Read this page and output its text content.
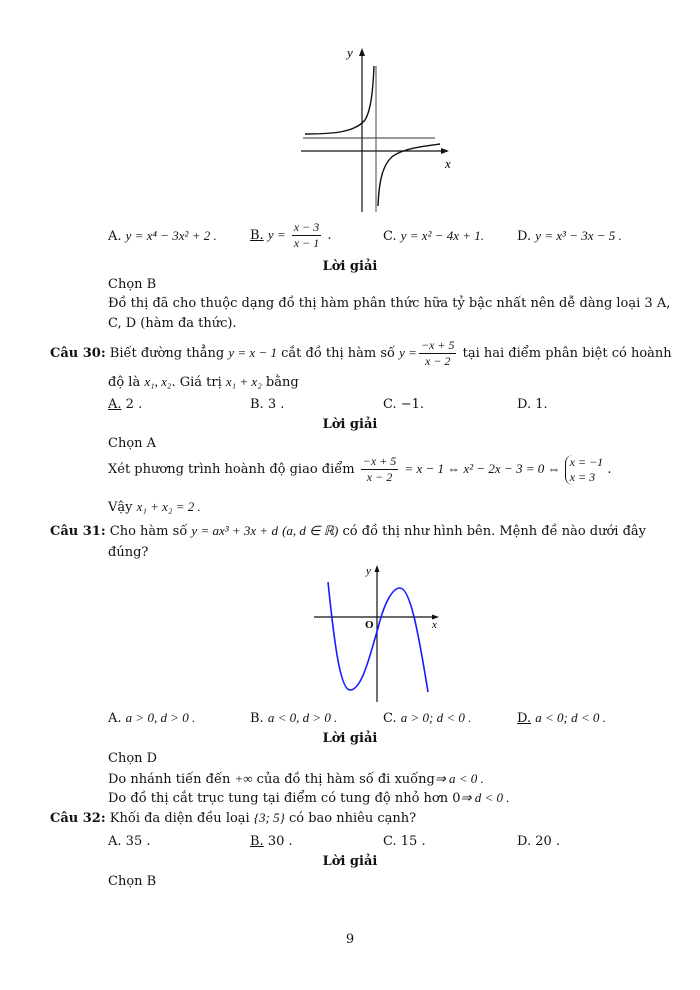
y
x
A. y = x⁴ − 3x² + 2 .	B. $y = \frac{x - 3}{x - 1}$ .	C. y = x² − 4x + 1.	D. y = x³ − 3x − 5 .
Lời giải
Chọn B
Đồ thị đã cho thuộc dạng đồ thị hàm phân thức hữa tỷ bậc nhất nên dễ dàng loại 3 A,
C, D (hàm đa thức).
Câu 30: Biết đường thẳng y = x − 1 cắt đồ thị hàm số $y = \frac{-x + 5}{x - 2}$ tại hai điểm phân biệt có hoành
độ là x₁, x₂. Giá trị x₁ + x₂ bằng
A. 2 .	B. 3 .	C. −1.	D. 1.
Lời giải
Chọn A
Xét phương trình hoành độ giao điểm $\frac{-x + 5}{x - 2} = x - 1$ ⇔ x² − 2x − 3 = 0 ⇔ x = −1
x = 3 .
Vậy x₁ + x₂ = 2 .
Câu 31: Cho hàm số y = ax³ + 3x + d (a, d ∈ ℝ) có đồ thị như hình bên. Mệnh đề nào dưới đây
đúng?
y
x
O
A. a > 0, d > 0 .	B. a < 0, d > 0 .	C. a > 0; d < 0 .	D. a < 0; d < 0 .
Lời giải
Chọn D
Do nhánh tiến đến +∞ của đồ thị hàm số đi xuống⇒ a < 0 .
Do đồ thị cắt trục tung tại điểm có tung độ nhỏ hơn 0⇒ d < 0 .
Câu 32: Khối đa diện đều loại {3; 5} có bao nhiêu cạnh?
A. 35 .	B. 30 .	C. 15 .	D. 20 .
Lời giải
Chọn B
9
